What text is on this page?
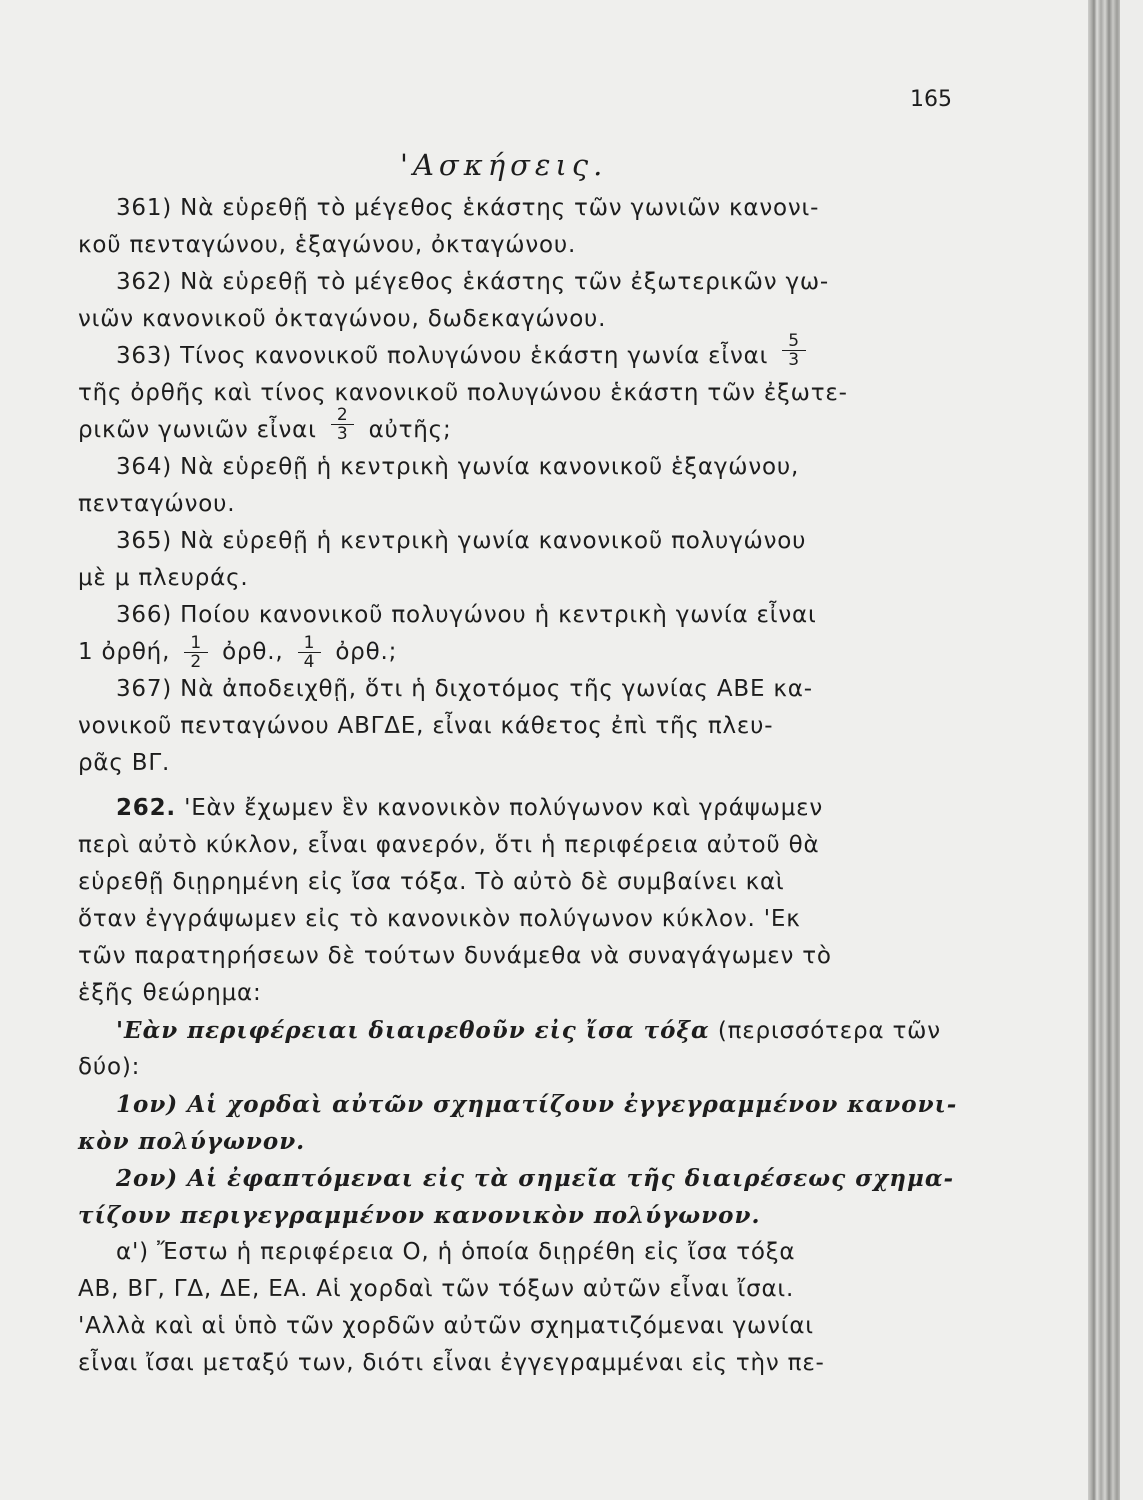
165
'Ασκήσεις.
361) Νὰ εὑρεθῇ τὸ μέγεθος ἑκάστης τῶν γωνιῶν κανονι-
κοῦ πενταγώνου, ἑξαγώνου, ὀκταγώνου.
362) Νὰ εὑρεθῇ τὸ μέγεθος ἑκάστης τῶν ἐξωτερικῶν γω-
νιῶν κανονικοῦ ὀκταγώνου, δωδεκαγώνου.
363) Τίνος κανονικοῦ πολυγώνου ἑκάστη γωνία εἶναι $\frac{5}{3}$
τῆς ὀρθῆς καὶ τίνος κανονικοῦ πολυγώνου ἑκάστη τῶν ἐξωτε-
ρικῶν γωνιῶν εἶναι $\frac{2}{3}$ αὐτῆς;
364) Νὰ εὑρεθῇ ἡ κεντρικὴ γωνία κανονικοῦ ἑξαγώνου,
πενταγώνου.
365) Νὰ εὑρεθῇ ἡ κεντρικὴ γωνία κανονικοῦ πολυγώνου
μὲ μ πλευράς.
366) Ποίου κανονικοῦ πολυγώνου ἡ κεντρικὴ γωνία εἶναι
1 ὀρθή, $\frac{1}{2}$ ὀρθ., $\frac{1}{4}$ ὀρθ.;
367) Νὰ ἀποδειχθῇ, ὅτι ἡ διχοτόμος τῆς γωνίας ΑΒΕ κα-
νονικοῦ πενταγώνου ΑΒΓΔΕ, εἶναι κάθετος ἐπὶ τῆς πλευ-
ρᾶς ΒΓ.
262. 'Εὰν ἔχωμεν ἓν κανονικὸν πολύγωνον καὶ γράψωμεν
περὶ αὐτὸ κύκλον, εἶναι φανερόν, ὅτι ἡ περιφέρεια αὐτοῦ θὰ
εὑρεθῇ διῃρημένη εἰς ἴσα τόξα. Τὸ αὐτὸ δὲ συμβαίνει καὶ
ὅταν ἐγγράψωμεν εἰς τὸ κανονικὸν πολύγωνον κύκλον. 'Εκ
τῶν παρατηρήσεων δὲ τούτων δυνάμεθα νὰ συναγάγωμεν τὸ
ἑξῆς θεώρημα:
'Εὰν περιφέρειαι διαιρεθοῦν εἰς ἴσα τόξα (περισσότερα τῶν
δύο):
1ον) Αἱ χορδαὶ αὐτῶν σχηματίζουν ἐγγεγραμμένον κανονι-
κὸν πολύγωνον.
2ον) Αἱ ἐφαπτόμεναι εἰς τὰ σημεῖα τῆς διαιρέσεως σχημα-
τίζουν περιγεγραμμένον κανονικὸν πολύγωνον.
α') Ἔστω ἡ περιφέρεια Ο, ἡ ὁποία διῃρέθη εἰς ἴσα τόξα
ΑΒ, ΒΓ, ΓΔ, ΔΕ, ΕΑ. Αἱ χορδαὶ τῶν τόξων αὐτῶν εἶναι ἴσαι.
'Αλλὰ καὶ αἱ ὑπὸ τῶν χορδῶν αὐτῶν σχηματιζόμεναι γωνίαι
εἶναι ἴσαι μεταξύ των, διότι εἶναι ἐγγεγραμμέναι εἰς τὴν πε-
